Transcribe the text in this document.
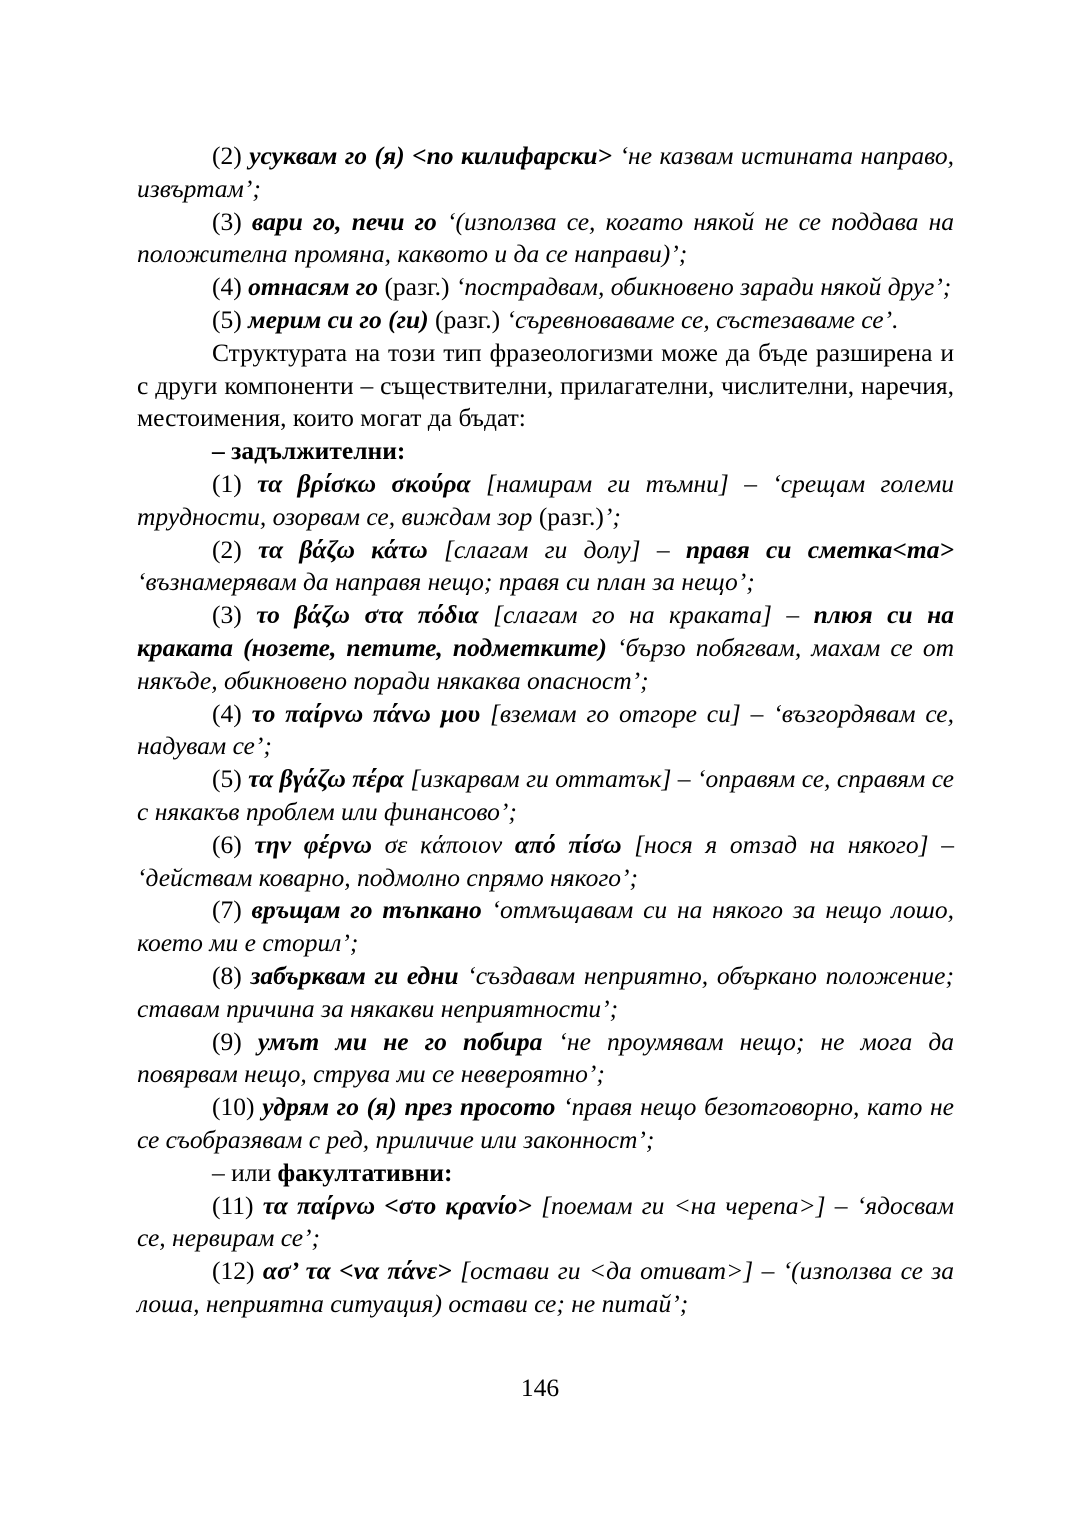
(2) усуквам го (я) <по килифарски> ‘не казвам истината направо, извъртам’;

(3) вари го, печи го ‘(използва се, когато някой не се поддава на положителна промяна, каквото и да се направи)’;

(4) отнасям го (разг.) ‘пострадвам, обикновено заради някой друг’;

(5) мерим си го (ги) (разг.) ‘съревноваваме се, състезаваме се’.

Структурата на този тип фразеологизми може да бъде разширена и с други компоненти – съществителни, прилагателни, числителни, наречия, местоимения, които могат да бъдат:

– задължителни:

(1) τα βρίσκω σκούρα [намирам ги тъмни] – ‘срещам големи трудности, озорвам се, виждам зор (разг.)’;

(2) τα βάζω κάτω [слагам ги долу] – правя си сметка<та> ‘възнамерявам да направя нещо; правя си план за нещо’;

(3) το βάζω στα πόδια [слагам го на краката] – плюя си на краката (нозете, петите, подметките) ‘бързо побягвам, махам се от някъде, обикновено поради някаква опасност’;

(4) το παίρνω πάνω μου [вземам го отгоре си] – ‘възгордявам се, надувам се’;

(5) τα βγάζω πέρα [изкарвам ги оттатък] – ‘оправям се, справям се с някакъв проблем или финансово’;

(6) την φέρνω σε κάποιον από πίσω [нося я отзад на някого] – ‘действам коварно, подмолно спрямо някого’;

(7) връщам го тъпкано ‘отмъщавам си на някого за нещо лошо, което ми е сторил’;

(8) забърквам ги едни ‘създавам неприятно, объркано положение; ставам причина за някакви неприятности’;

(9) умът ми не го побира ‘не проумявам нещо; не мога да повярвам нещо, струва ми се невероятно’;

(10) удрям го (я) през просото ‘правя нещо безотговорно, като не се съобразявам с ред, приличие или законност’;

– или факултативни:

(11) τα παίρνω <στο κρανίο> [поемам ги <на черепа>] – ‘ядосвам се, нервирам се’;

(12) ασ’ τα <να πάνε> [остави ги <да отиват>] – ‘(използва се за лоша, неприятна ситуация) остави се; не питай’;

146
